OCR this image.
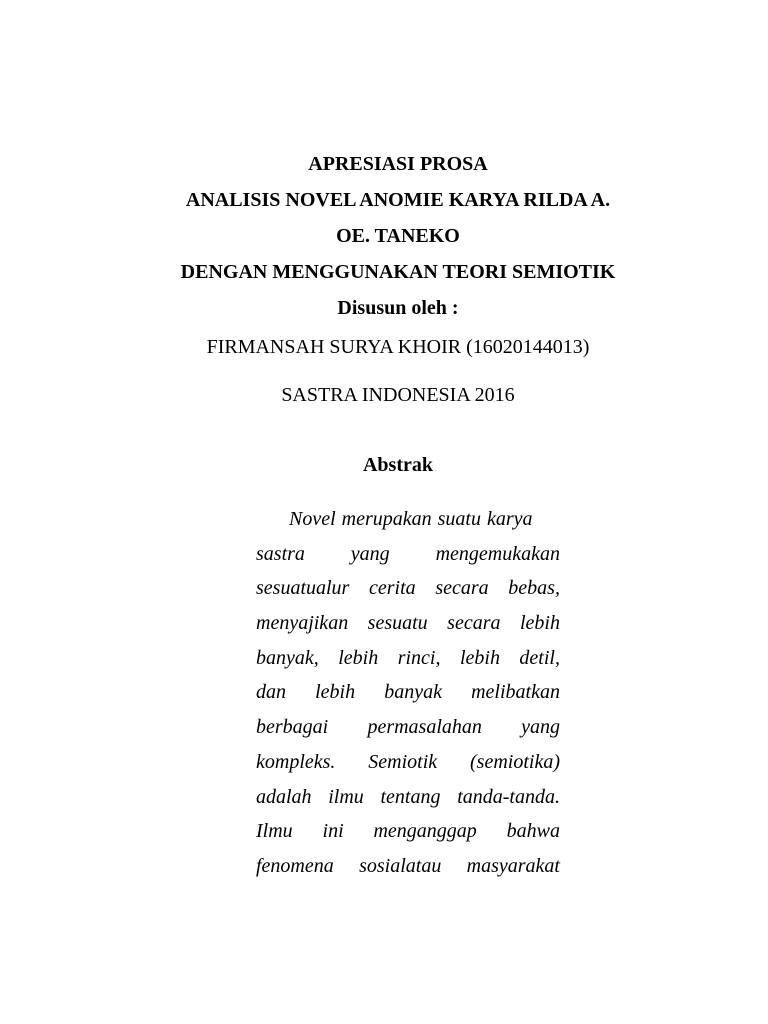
APRESIASI PROSA
ANALISIS NOVEL ANOMIE KARYA RILDA A.
OE. TANEKO
DENGAN MENGGUNAKAN TEORI SEMIOTIK
Disusun oleh :
FIRMANSAH SURYA KHOIR (16020144013)
SASTRA INDONESIA 2016
Abstrak
Novel merupakan suatu karya
sastra yang mengemukakan
sesuatualur cerita secara bebas,
menyajikan sesuatu secara lebih
banyak, lebih rinci, lebih detil,
dan lebih banyak melibatkan
berbagai permasalahan yang
kompleks. Semiotik (semiotika)
adalah ilmu tentang tanda-tanda.
Ilmu ini menganggap bahwa
fenomena sosialatau masyarakat
